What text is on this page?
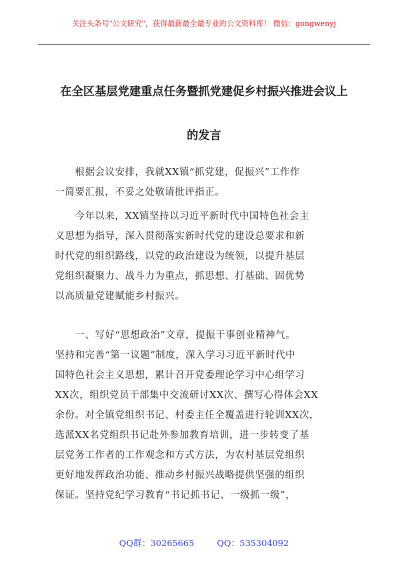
关注头条号"公文研究"，获得最新最全最专业的公文资料库！ 微信：gongwenyj
在全区基层党建重点任务暨抓党建促乡村振兴推进会议上
的发言
根据会议安排，我就XX镇“抓党建，促振兴”工作作
一简要汇报，不妥之处敬请批评指正。
今年以来，XX镇坚持以习近平新时代中国特色社会主
义思想为指导，深入贯彻落实新时代党的建设总要求和新
时代党的组织路线，以党的政治建设为统领，以提升基层
党组织凝聚力、战斗力为重点，抓思想、打基础、固优势
以高质量党建赋能乡村振兴。
一、写好“思想政治”文章，提振干事创业精神气。
坚持和完善“第一议题”制度，深入学习习近平新时代中
国特色社会主义思想，累计召开党委理论学习中心组学习
XX次，组织党员干部集中交流研讨XX次、撰写心得体会XX
余份。对全镇党组织书记、村委主任全覆盖进行轮训XX次，
选派XX名党组织书记赴外参加教育培训，进一步转变了基
层党务工作者的工作观念和方式方法，为农村基层党组织
更好地发挥政治功能、推动乡村振兴战略提供坚强的组织
保证。坚持党纪学习教育“书记抓书记、一级抓一级”，
QQ群：30265665	QQ：535304092
